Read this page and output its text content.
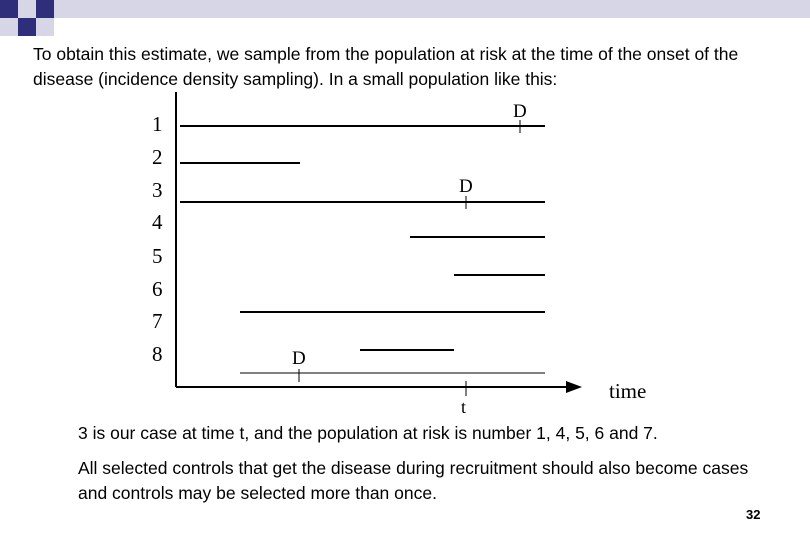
To obtain this estimate, we sample from the population at risk at the time of the onset of the disease (incidence density sampling). In a small population like this:

1
2
3
4
5
6
7
8
D
D
D
t
time

3 is our case at time t, and the population at risk is number 1, 4, 5, 6 and 7.

All selected controls that get the disease during recruitment should also become cases and controls may be selected more than once.

32
